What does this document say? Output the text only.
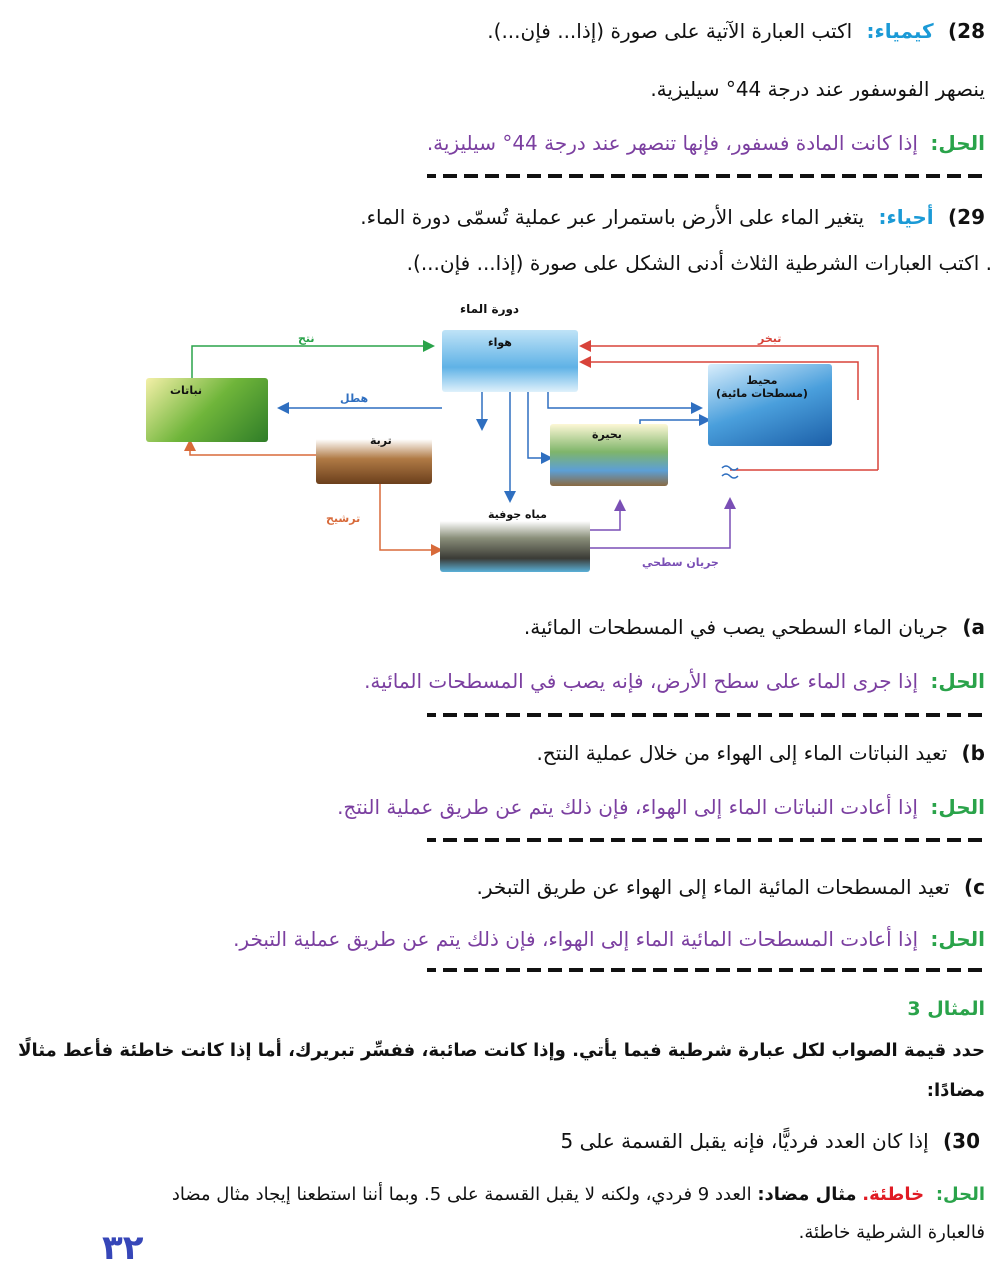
28) كيمياء: اكتب العبارة الآتية على صورة (إذا... فإن...).
ينصهر الفوسفور عند درجة 44° سيليزية.
الحل: إذا كانت المادة فسفور، فإنها تنصهر عند درجة 44° سيليزية.
29) أحياء: يتغير الماء على الأرض باستمرار عبر عملية تُسمّى دورة الماء.
. اكتب العبارات الشرطية الثلاث أدنى الشكل على صورة (إذا... فإن...).
دورة الماء
هواء
نباتات
محيط
(مسطحات مائية)
تربة	بحيرة
مياه جوفية
نتح	تبخر
هطل
ترشيح
جريان سطحي
a) جريان الماء السطحي يصب في المسطحات المائية.
الحل: إذا جرى الماء على سطح الأرض، فإنه يصب في المسطحات المائية.
b) تعيد النباتات الماء إلى الهواء من خلال عملية النتح.
الحل: إذا أعادت النباتات الماء إلى الهواء، فإن ذلك يتم عن طريق عملية النتج.
c) تعيد المسطحات المائية الماء إلى الهواء عن طريق التبخر.
الحل: إذا أعادت المسطحات المائية الماء إلى الهواء، فإن ذلك يتم عن طريق عملية التبخر.
المثال 3
حدد قيمة الصواب لكل عبارة شرطية فيما يأتي. وإذا كانت صائبة، ففسِّر تبريرك، أما إذا كانت خاطئة فأعط مثالًا
مضادًا:
30) إذا كان العدد فرديًّا، فإنه يقبل القسمة على 5
الحل: خاطئة. مثال مضاد: العدد 9 فردي، ولكنه لا يقبل القسمة على 5. وبما أننا استطعنا إيجاد مثال مضاد
فالعبارة الشرطية خاطئة.
٣٢
